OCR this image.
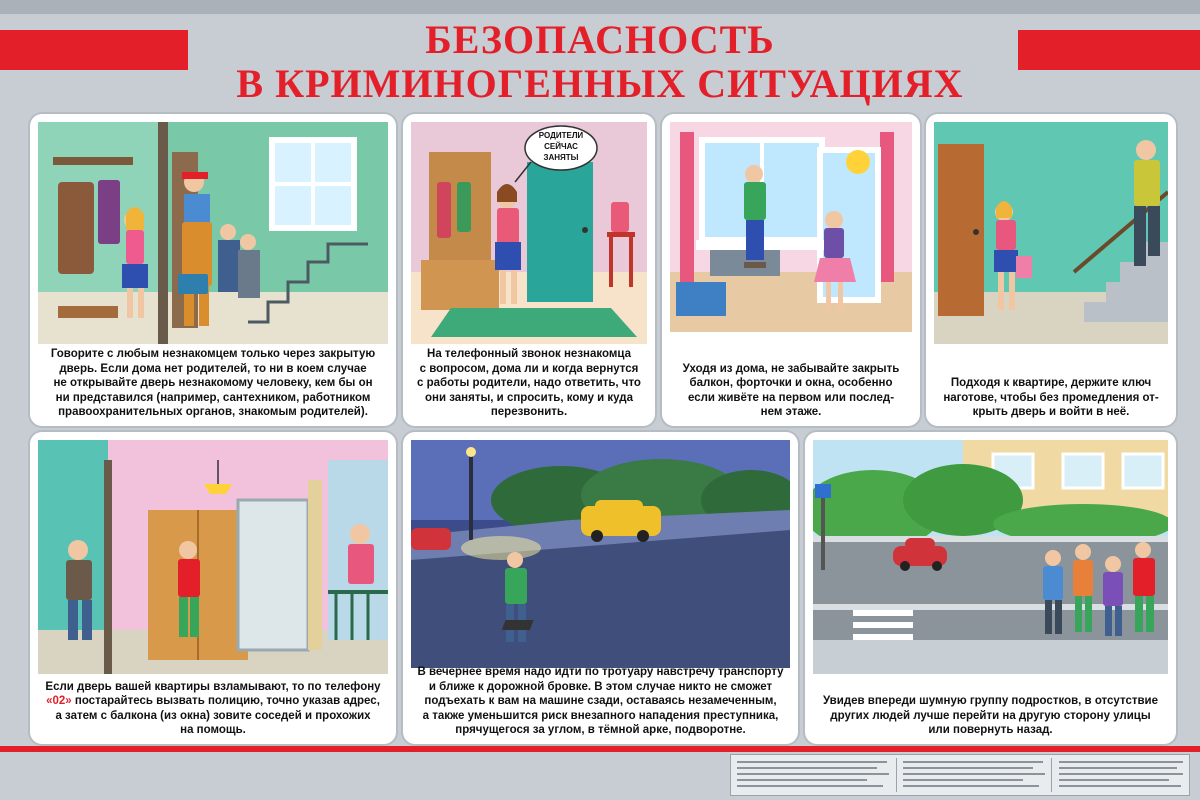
БЕЗОПАСНОСТЬ
В КРИМИНОГЕННЫХ СИТУАЦИЯХ

Говорите с любым незнакомцем только через закрытую
дверь. Если дома нет родителей, то ни в коем случае
не открывайте дверь незнакомому человеку, кем бы он
ни представился (например, сантехником, работником
правоохранительных органов, знакомым родителей).

РОДИТЕЛИ
СЕЙЧАС
ЗАНЯТЫ

На телефонный звонок незнакомца
с вопросом, дома ли и когда вернутся
с работы родители, надо ответить, что
они заняты, и спросить, кому и куда
перезвонить.

Уходя из дома, не забывайте закрыть
балкон, форточки и окна, особенно
если живёте на первом или послед-
нем этаже.

Подходя к квартире, держите ключ
наготове, чтобы без промедления от-
крыть дверь и войти в неё.

Если дверь вашей квартиры взламывают, то по телефону
«02» постарайтесь вызвать полицию, точно указав адрес,
а затем с балкона (из окна) зовите соседей и прохожих
на помощь.

В вечернее время надо идти по тротуару навстречу транспорту
и ближе к дорожной бровке. В этом случае никто не сможет
подъехать к вам на машине сзади, оставаясь незамеченным,
а также уменьшится риск внезапного нападения преступника,
прячущегося за углом, в тёмной арке, подворотне.

Увидев впереди шумную группу подростков, в отсутствие
других людей лучше перейти на другую сторону улицы
или повернуть назад.
